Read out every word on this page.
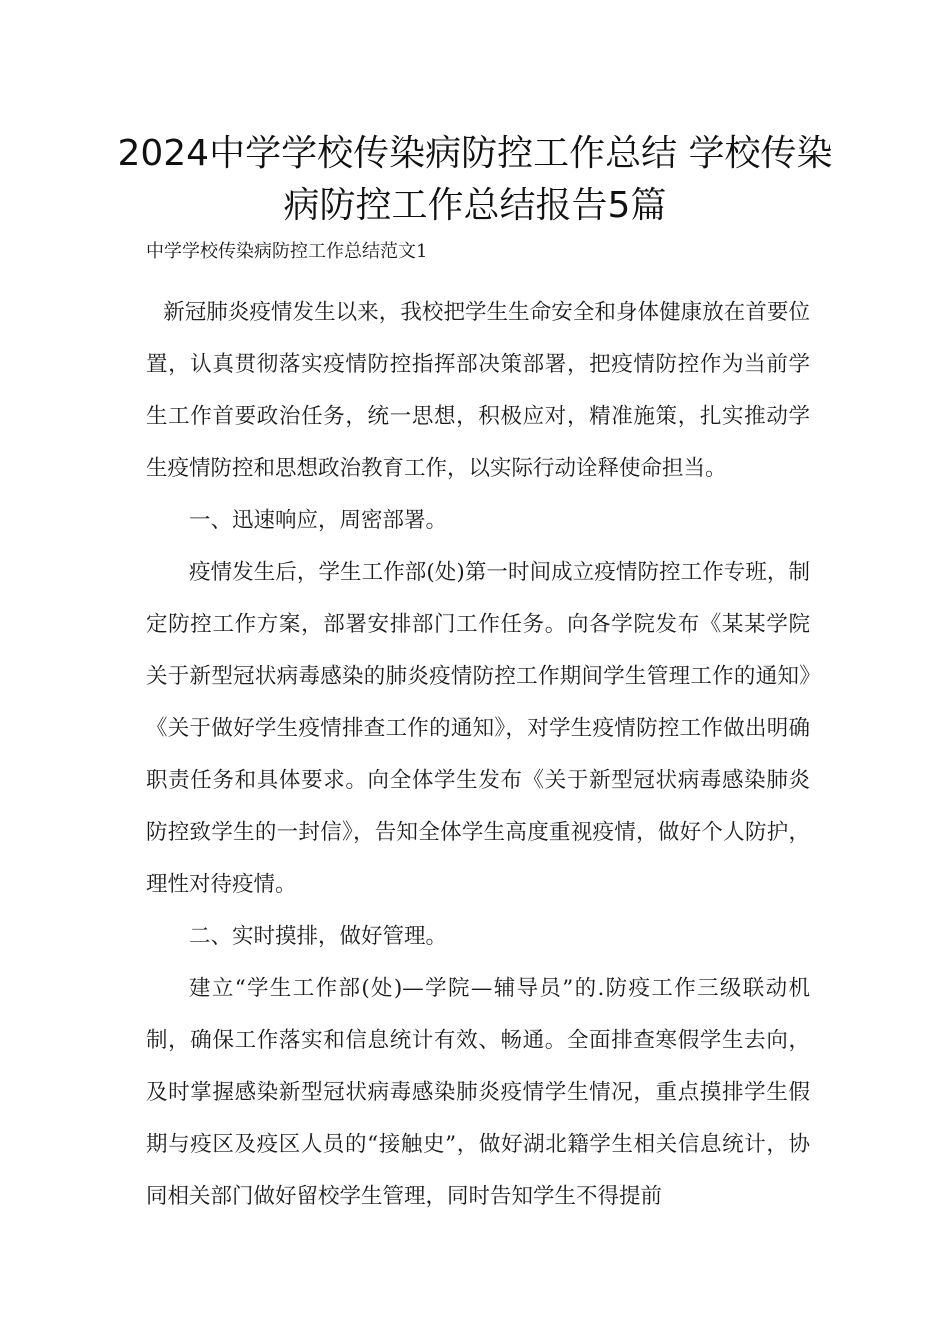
2024中学学校传染病防控工作总结 学校传染病防控工作总结报告5篇

中学学校传染病防控工作总结范文1

新冠肺炎疫情发生以来，我校把学生生命安全和身体健康放在首要位置，认真贯彻落实疫情防控指挥部决策部署，把疫情防控作为当前学生工作首要政治任务，统一思想，积极应对，精准施策，扎实推动学生疫情防控和思想政治教育工作，以实际行动诠释使命担当。

一、迅速响应，周密部署。

疫情发生后，学生工作部(处)第一时间成立疫情防控工作专班，制定防控工作方案，部署安排部门工作任务。向各学院发布《某某学院关于新型冠状病毒感染的肺炎疫情防控工作期间学生管理工作的通知》《关于做好学生疫情排查工作的通知》，对学生疫情防控工作做出明确职责任务和具体要求。向全体学生发布《关于新型冠状病毒感染肺炎防控致学生的一封信》，告知全体学生高度重视疫情，做好个人防护，理性对待疫情。

二、实时摸排，做好管理。

建立“学生工作部(处)—学院—辅导员”的.防疫工作三级联动机制，确保工作落实和信息统计有效、畅通。全面排查寒假学生去向，及时掌握感染新型冠状病毒感染肺炎疫情学生情况，重点摸排学生假期与疫区及疫区人员的“接触史”，做好湖北籍学生相关信息统计，协同相关部门做好留校学生管理，同时告知学生不得提前
